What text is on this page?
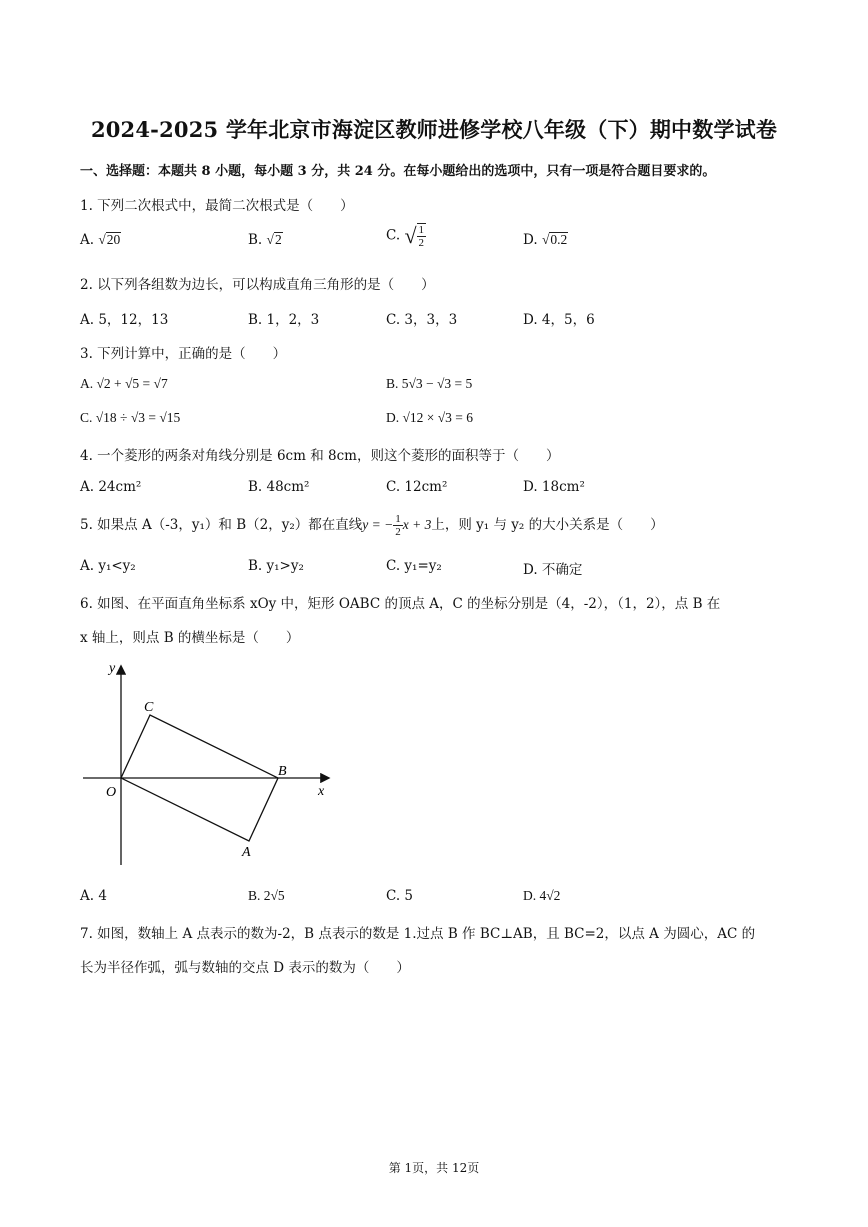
2024-2025 学年北京市海淀区教师进修学校八年级（下）期中数学试卷
一、选择题：本题共 8 小题，每小题 3 分，共 24 分。在每小题给出的选项中，只有一项是符合题目要求的。
1. 下列二次根式中，最简二次根式是（　　）
A. √20	B. √2	C. √ $\frac{1}{2}$	D. √0.2
2. 以下列各组数为边长，可以构成直角三角形的是（　　）
A. 5，12，13	B. 1，2，3	C. 3，3，3	D. 4，5，6
3. 下列计算中，正确的是（　　）
A. √2 + √5 = √7	B. 5√3 − √3 = 5
C. √18 ÷ √3 = √15	D. √12 × √3 = 6
4. 一个菱形的两条对角线分别是 6cm 和 8cm，则这个菱形的面积等于（　　）
A. 24cm²	B. 48cm²	C. 12cm²	D. 18cm²
5. 如果点 A（-3，y₁）和 B（2，y₂）都在直线y = − $\frac{1}{2}$ x + 3上，则 y₁ 与 y₂ 的大小关系是（　　）
A. y₁<y₂	B. y₁>y₂	C. y₁=y₂	D. 不确定
6. 如图、在平面直角坐标系 xOy 中，矩形 OABC 的顶点 A，C 的坐标分别是（4，-2），（1，2），点 B 在
x 轴上，则点 B 的横坐标是（　　）
y
x
O
C
B
A
A. 4	B. 2√5	C. 5	D. 4√2
7. 如图，数轴上 A 点表示的数为-2，B 点表示的数是 1.过点 B 作 BC⊥AB，且 BC=2，以点 A 为圆心，AC 的
长为半径作弧，弧与数轴的交点 D 表示的数为（　　）
第 1页，共 12页
